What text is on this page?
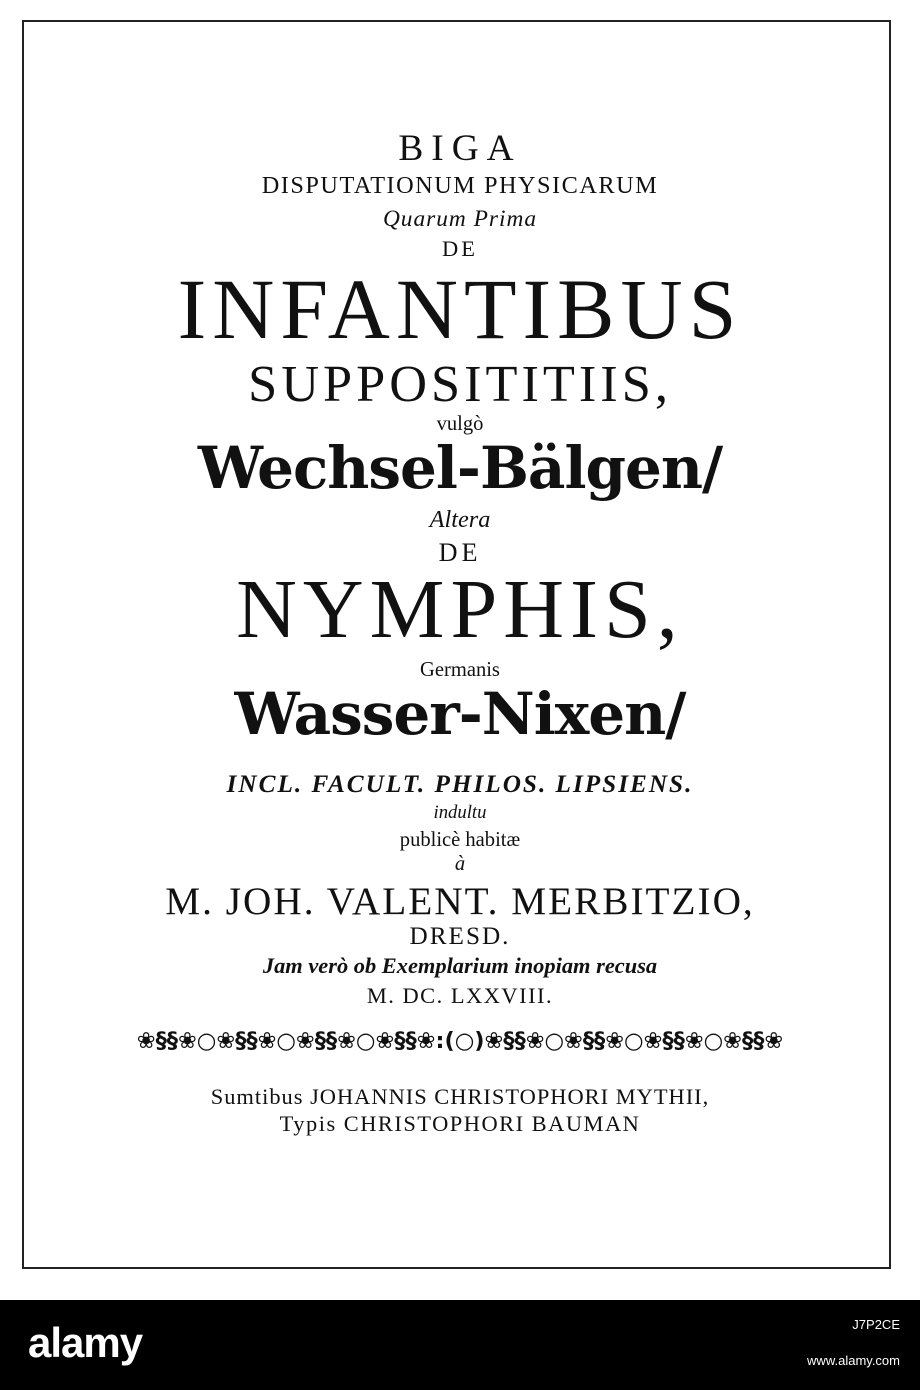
BIGA
DISPUTATIONUM PHYSICARUM
Quarum Prima
DE
INFANTIBUS
SUPPOSITITIIS,
vulgò
Wechsel-Bälgen/
Altera
DE
NYMPHIS,
Germanis
Wasser-Nixen/
INCL. FACULT. PHILOS. LIPSIENS.
indultu
publicè habitæ
à
M. JOH. VALENT. MERBITZIO,
DRESD.
Jam verò ob Exemplarium inopiam recusa
M. DC. LXXVIII.
❀§§❀○❀§§❀○❀§§❀○❀§§❀:(○)❀§§❀○❀§§❀○❀§§❀○❀§§❀
Sumtibus JOHANNIS CHRISTOPHORI MYTHII,
Typis CHRISTOPHORI BAUMAN
alamy	J7P2CE
www.alamy.com
